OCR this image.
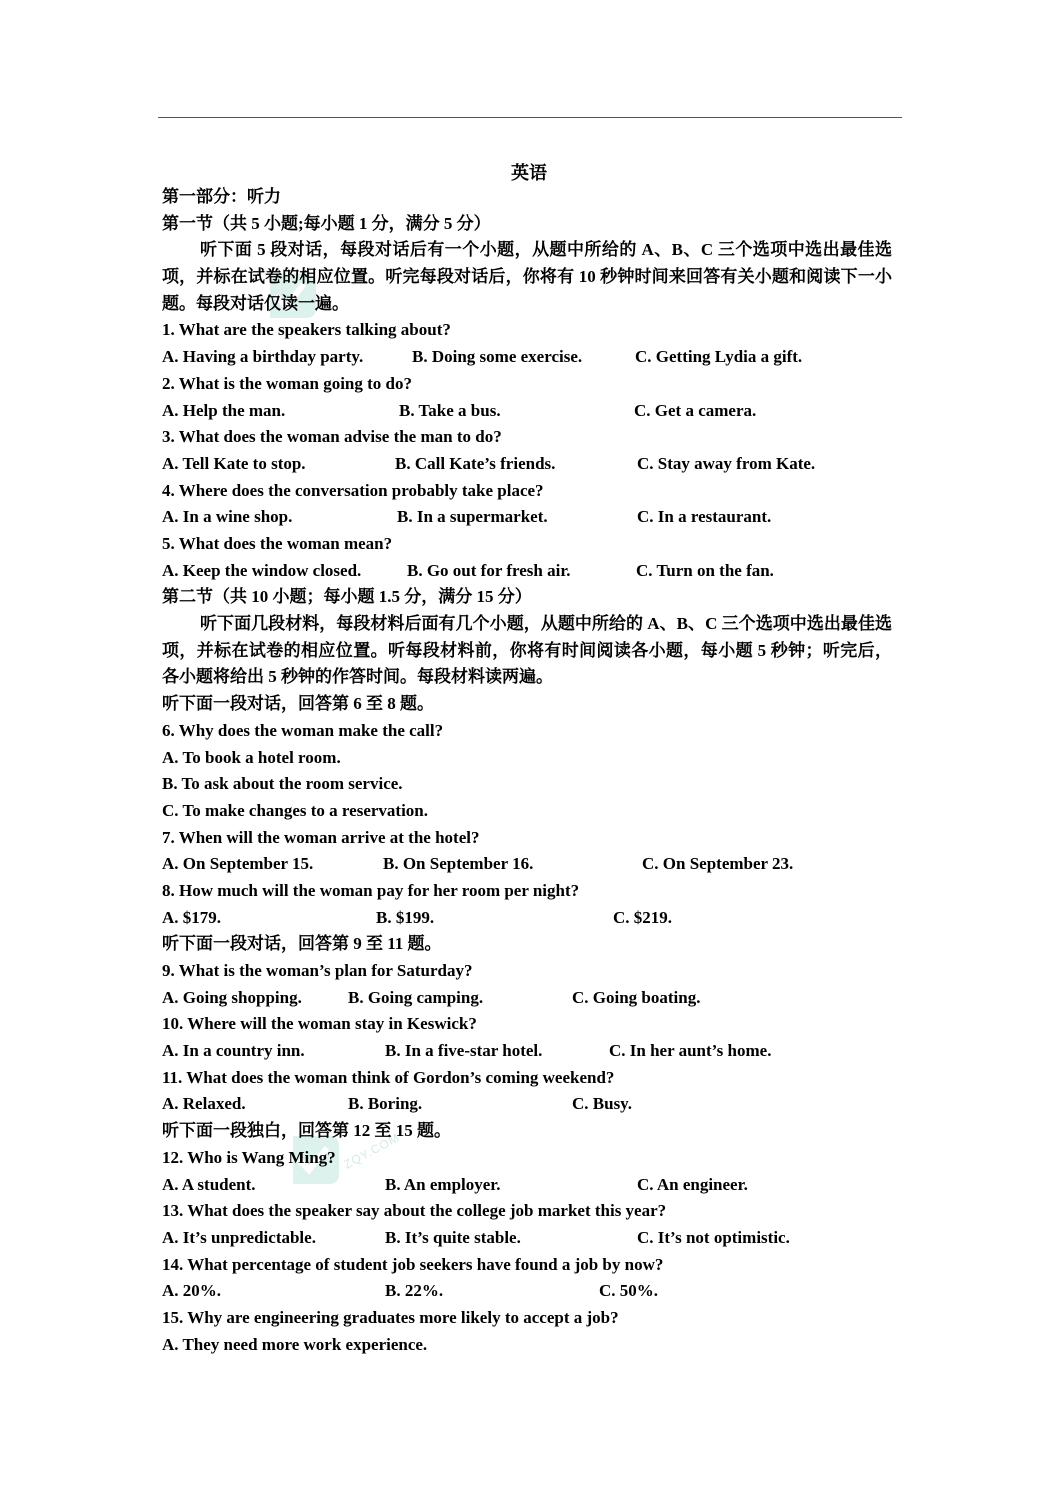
英语
ZQY.COM
第一部分：听力
第一节（共 5 小题;每小题 1 分，满分 5 分）
听下面 5 段对话，每段对话后有一个小题，从题中所给的 A、B、C 三个选项中选出最佳选项，并标在试卷的相应位置。听完每段对话后，你将有 10 秒钟时间来回答有关小题和阅读下一小题。每段对话仅读一遍。
1. What are the speakers talking about?
A. Having a birthday party.	B. Doing some exercise.	C. Getting Lydia a gift.
2. What is the woman going to do?
A. Help the man.	B. Take a bus.	C. Get a camera.
3. What does the woman advise the man to do?
A. Tell Kate to stop.	B. Call Kate’s friends.	C. Stay away from Kate.
4. Where does the conversation probably take place?
A. In a wine shop.	B. In a supermarket.	C. In a restaurant.
5. What does the woman mean?
A. Keep the window closed.	B. Go out for fresh air.	C. Turn on the fan.
第二节（共 10 小题；每小题 1.5 分，满分 15 分）
听下面几段材料，每段材料后面有几个小题，从题中所给的 A、B、C 三个选项中选出最佳选项，并标在试卷的相应位置。听每段材料前，你将有时间阅读各小题，每小题 5 秒钟；听完后，各小题将给出 5 秒钟的作答时间。每段材料读两遍。
听下面一段对话，回答第 6 至 8 题。
6. Why does the woman make the call?
A. To book a hotel room.
B. To ask about the room service.
C. To make changes to a reservation.
7. When will the woman arrive at the hotel?
A. On September 15.	B. On September 16.	C. On September 23.
8. How much will the woman pay for her room per night?
A. $179.	B. $199.	C. $219.
听下面一段对话，回答第 9 至 11 题。
9. What is the woman’s plan for Saturday?
A. Going shopping.	B. Going camping.	C. Going boating.
10. Where will the woman stay in Keswick?
A. In a country inn.	B. In a five-star hotel.	C. In her aunt’s home.
11. What does the woman think of Gordon’s coming weekend?
A. Relaxed.	B. Boring.	C. Busy.
听下面一段独白，回答第 12 至 15 题。
12. Who is Wang Ming?
A. A student.	B. An employer.	C. An engineer.
13. What does the speaker say about the college job market this year?
A. It’s unpredictable.	B. It’s quite stable.	C. It’s not optimistic.
14. What percentage of student job seekers have found a job by now?
A. 20%.	B. 22%.	C. 50%.
15. Why are engineering graduates more likely to accept a job?
A. They need more work experience.
